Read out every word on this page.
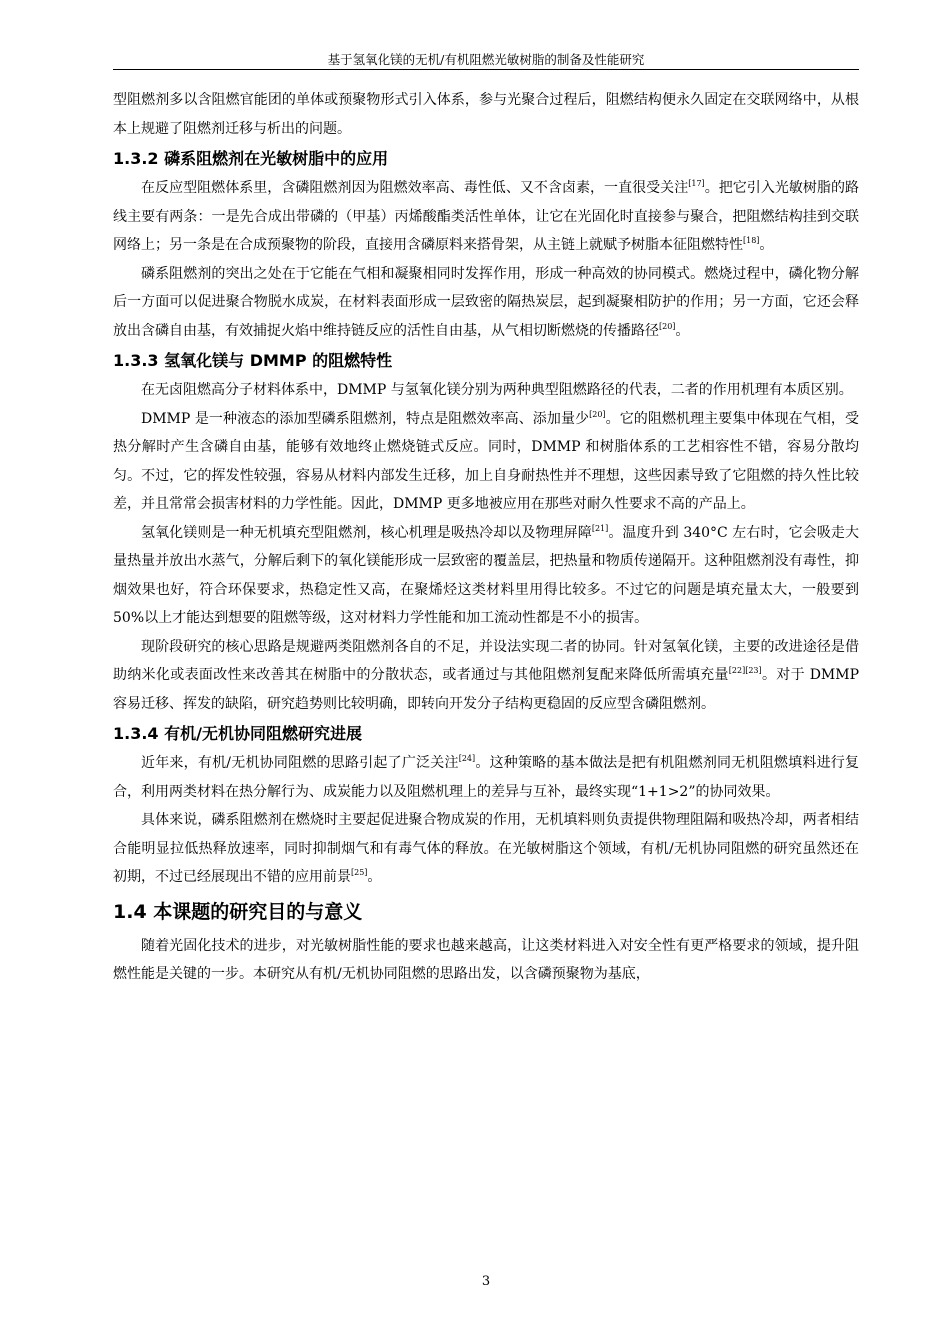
基于氢氧化镁的无机/有机阻燃光敏树脂的制备及性能研究

型阻燃剂多以含阻燃官能团的单体或预聚物形式引入体系，参与光聚合过程后，阻燃结构便永久固定在交联网络中，从根本上规避了阻燃剂迁移与析出的问题。

1.3.2 磷系阻燃剂在光敏树脂中的应用

在反应型阻燃体系里，含磷阻燃剂因为阻燃效率高、毒性低、又不含卤素，一直很受关注[17]。把它引入光敏树脂的路线主要有两条：一是先合成出带磷的（甲基）丙烯酸酯类活性单体，让它在光固化时直接参与聚合，把阻燃结构挂到交联网络上；另一条是在合成预聚物的阶段，直接用含磷原料来搭骨架，从主链上就赋予树脂本征阻燃特性[18]。

磷系阻燃剂的突出之处在于它能在气相和凝聚相同时发挥作用，形成一种高效的协同模式。燃烧过程中，磷化物分解后一方面可以促进聚合物脱水成炭，在材料表面形成一层致密的隔热炭层，起到凝聚相防护的作用；另一方面，它还会释放出含磷自由基，有效捕捉火焰中维持链反应的活性自由基，从气相切断燃烧的传播路径[20]。

1.3.3 氢氧化镁与 DMMP 的阻燃特性

在无卤阻燃高分子材料体系中，DMMP 与氢氧化镁分别为两种典型阻燃路径的代表，二者的作用机理有本质区别。

DMMP 是一种液态的添加型磷系阻燃剂，特点是阻燃效率高、添加量少[20]。它的阻燃机理主要集中体现在气相，受热分解时产生含磷自由基，能够有效地终止燃烧链式反应。同时，DMMP 和树脂体系的工艺相容性不错，容易分散均匀。不过，它的挥发性较强，容易从材料内部发生迁移，加上自身耐热性并不理想，这些因素导致了它阻燃的持久性比较差，并且常常会损害材料的力学性能。因此，DMMP 更多地被应用在那些对耐久性要求不高的产品上。

氢氧化镁则是一种无机填充型阻燃剂，核心机理是吸热冷却以及物理屏障[21]。温度升到 340°C 左右时，它会吸走大量热量并放出水蒸气，分解后剩下的氧化镁能形成一层致密的覆盖层，把热量和物质传递隔开。这种阻燃剂没有毒性，抑烟效果也好，符合环保要求，热稳定性又高，在聚烯烃这类材料里用得比较多。不过它的问题是填充量太大，一般要到 50%以上才能达到想要的阻燃等级，这对材料力学性能和加工流动性都是不小的损害。

现阶段研究的核心思路是规避两类阻燃剂各自的不足，并设法实现二者的协同。针对氢氧化镁，主要的改进途径是借助纳米化或表面改性来改善其在树脂中的分散状态，或者通过与其他阻燃剂复配来降低所需填充量[22][23]。对于 DMMP 容易迁移、挥发的缺陷，研究趋势则比较明确，即转向开发分子结构更稳固的反应型含磷阻燃剂。

1.3.4 有机/无机协同阻燃研究进展

近年来，有机/无机协同阻燃的思路引起了广泛关注[24]。这种策略的基本做法是把有机阻燃剂同无机阻燃填料进行复合，利用两类材料在热分解行为、成炭能力以及阻燃机理上的差异与互补，最终实现“1+1>2”的协同效果。

具体来说，磷系阻燃剂在燃烧时主要起促进聚合物成炭的作用，无机填料则负责提供物理阻隔和吸热冷却，两者相结合能明显拉低热释放速率，同时抑制烟气和有毒气体的释放。在光敏树脂这个领域，有机/无机协同阻燃的研究虽然还在初期，不过已经展现出不错的应用前景[25]。

1.4 本课题的研究目的与意义

随着光固化技术的进步，对光敏树脂性能的要求也越来越高，让这类材料进入对安全性有更严格要求的领域，提升阻燃性能是关键的一步。本研究从有机/无机协同阻燃的思路出发，以含磷预聚物为基底，

3
